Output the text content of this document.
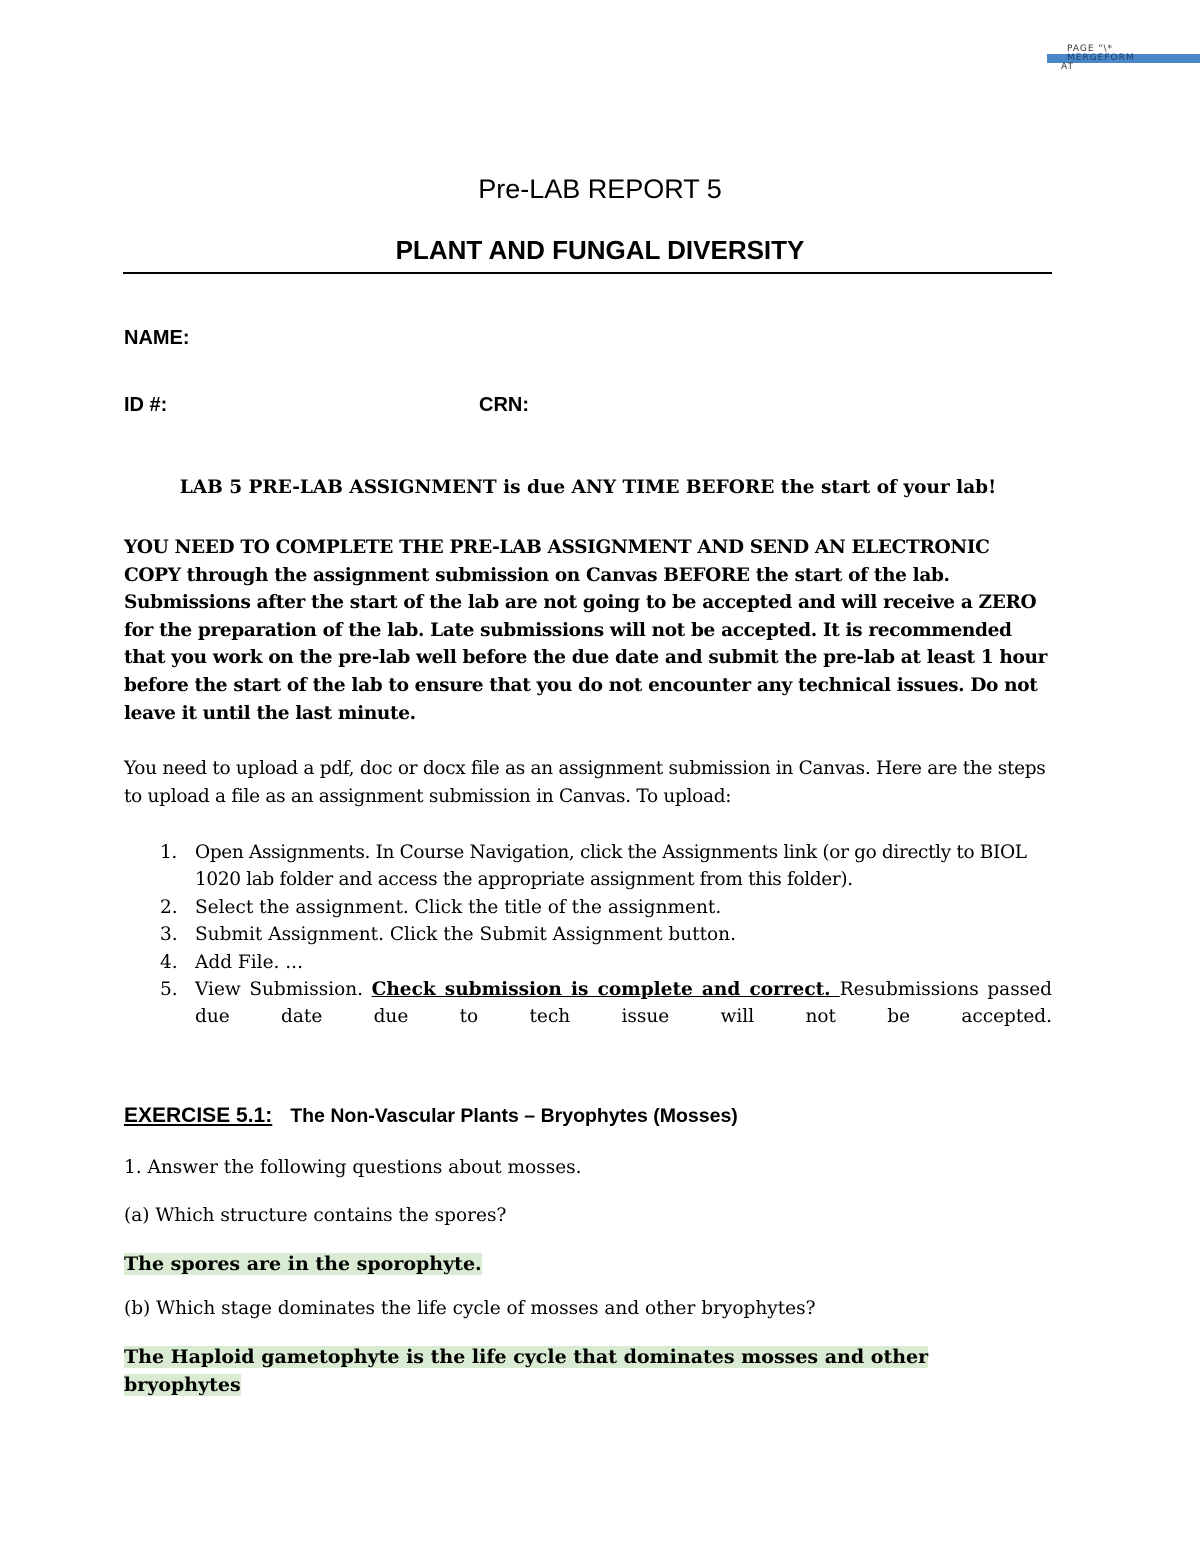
PAGE "\*
MERGEFORM
AT
Pre-LAB REPORT 5
PLANT AND FUNGAL DIVERSITY
NAME:
ID #:	CRN:
LAB 5 PRE-LAB ASSIGNMENT is due ANY TIME BEFORE the start of your lab!
YOU NEED TO COMPLETE THE PRE-LAB ASSIGNMENT AND SEND AN ELECTRONIC COPY through the assignment submission on Canvas BEFORE the start of the lab. Submissions after the start of the lab are not going to be accepted and will receive a ZERO for the preparation of the lab. Late submissions will not be accepted. It is recommended that you work on the pre-lab well before the due date and submit the pre-lab at least 1 hour before the start of the lab to ensure that you do not encounter any technical issues. Do not leave it until the last minute.
You need to upload a pdf, doc or docx file as an assignment submission in Canvas. Here are the steps to upload a file as an assignment submission in Canvas. To upload:
1. Open Assignments. In Course Navigation, click the Assignments link (or go directly to BIOL 1020 lab folder and access the appropriate assignment from this folder).
2. Select the assignment. Click the title of the assignment.
3. Submit Assignment. Click the Submit Assignment button.
4. Add File. ...
5. View Submission. Check submission is complete and correct. Resubmissions passed due date due to tech issue will not be accepted.
EXERCISE 5.1: The Non-Vascular Plants – Bryophytes (Mosses)
1. Answer the following questions about mosses.
(a) Which structure contains the spores?
The spores are in the sporophyte.
(b) Which stage dominates the life cycle of mosses and other bryophytes?
The Haploid gametophyte is the life cycle that dominates mosses and other
bryophytes
